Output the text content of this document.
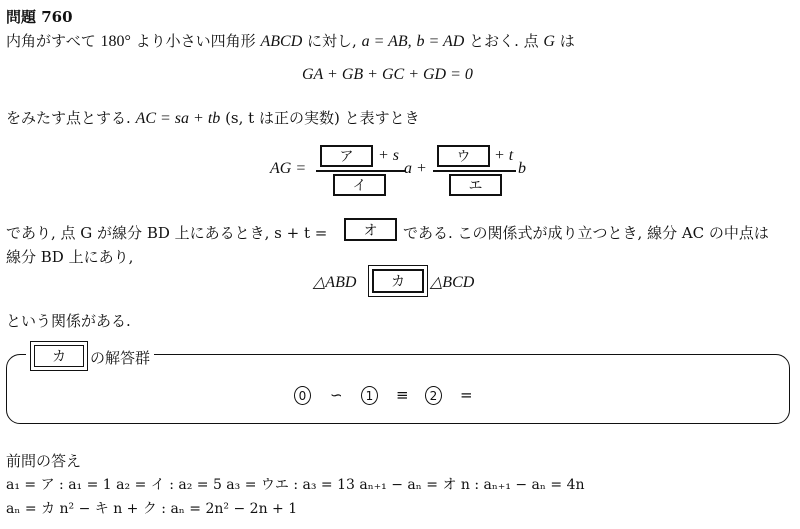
問題 760
内角がすべて 180° より小さい四角形 ABCD に対し, a = AB, b = AD とおく. 点 G は
GA + GB + GC + GD = 0
をみたす点とする. AC = sa + tb (s, t は正の実数) と表すとき
AG =
ア	+ s
イ
a +
ウ	+ t
エ
b
であり, 点 G が線分 BD 上にあるとき, s + t =	オ	である. この関係式が成り立つとき, 線分 AC の中点は
線分 BD 上にあり,
△ABD	カ	△BCD
という関係がある.
カ	の解答群
0	∽	1	≡	2	=
前問の答え
a₁ = ア : a₁ = 1 a₂ = イ : a₂ = 5 a₃ = ウエ : a₃ = 13 aₙ₊₁ − aₙ = オ n : aₙ₊₁ − aₙ = 4n
aₙ = カ n² − キ n + ク : aₙ = 2n² − 2n + 1
